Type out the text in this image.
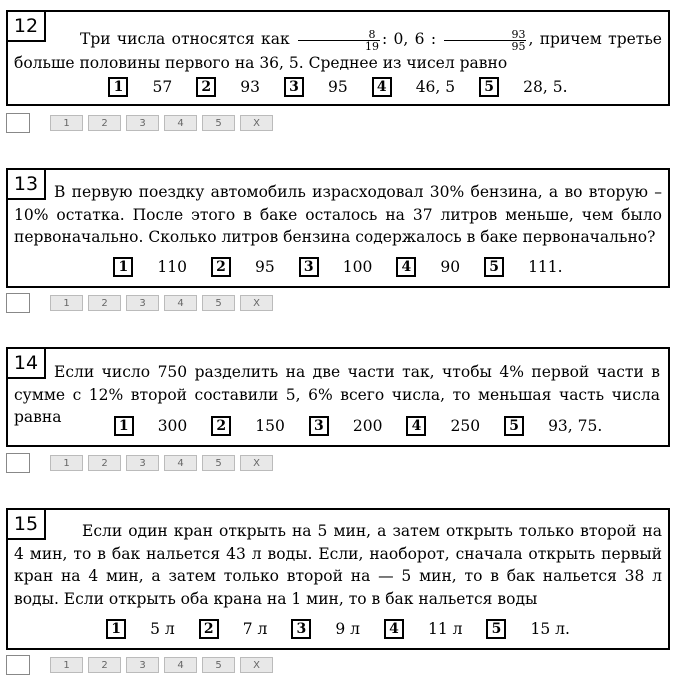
12
Три числа относятся как $\frac{8}{19}$ : 0, 6 : $\frac{93}{95}$ , причем третье больше половины первого на 36, 5. Среднее из чисел равно
1	57	2	93	3	95	4	46, 5	5	28, 5.
1	2	3	4	5	X
13	В первую поездку автомобиль израсходовал 30% бензина, а во вторую – 10% остатка. После этого в баке осталось на 37 литров меньше, чем было первоначально. Сколько литров бензина содержалось в баке первоначально?
1	110	2	95	3	100	4	90	5	111.
1	2	3	4	5	X
14	Если число 750 разделить на две части так, чтобы 4% первой части в сумме с 12% второй составили 5, 6% всего числа, то меньшая часть числа равна	1	300	2	150	3	200	4	250	5	93, 75.
1	2	3	4	5	X
15	Если один кран открыть на 5 мин, а затем открыть только второй на 4 мин, то в бак нальется 43 л воды. Если, наоборот, сначала открыть первый кран на 4 мин, а затем только второй на — 5 мин, то в бак нальется 38 л воды. Если открыть оба крана на 1 мин, то в бак нальется воды
1	5 л	2	7 л	3	9 л	4	11 л	5	15 л.
1	2	3	4	5	X
